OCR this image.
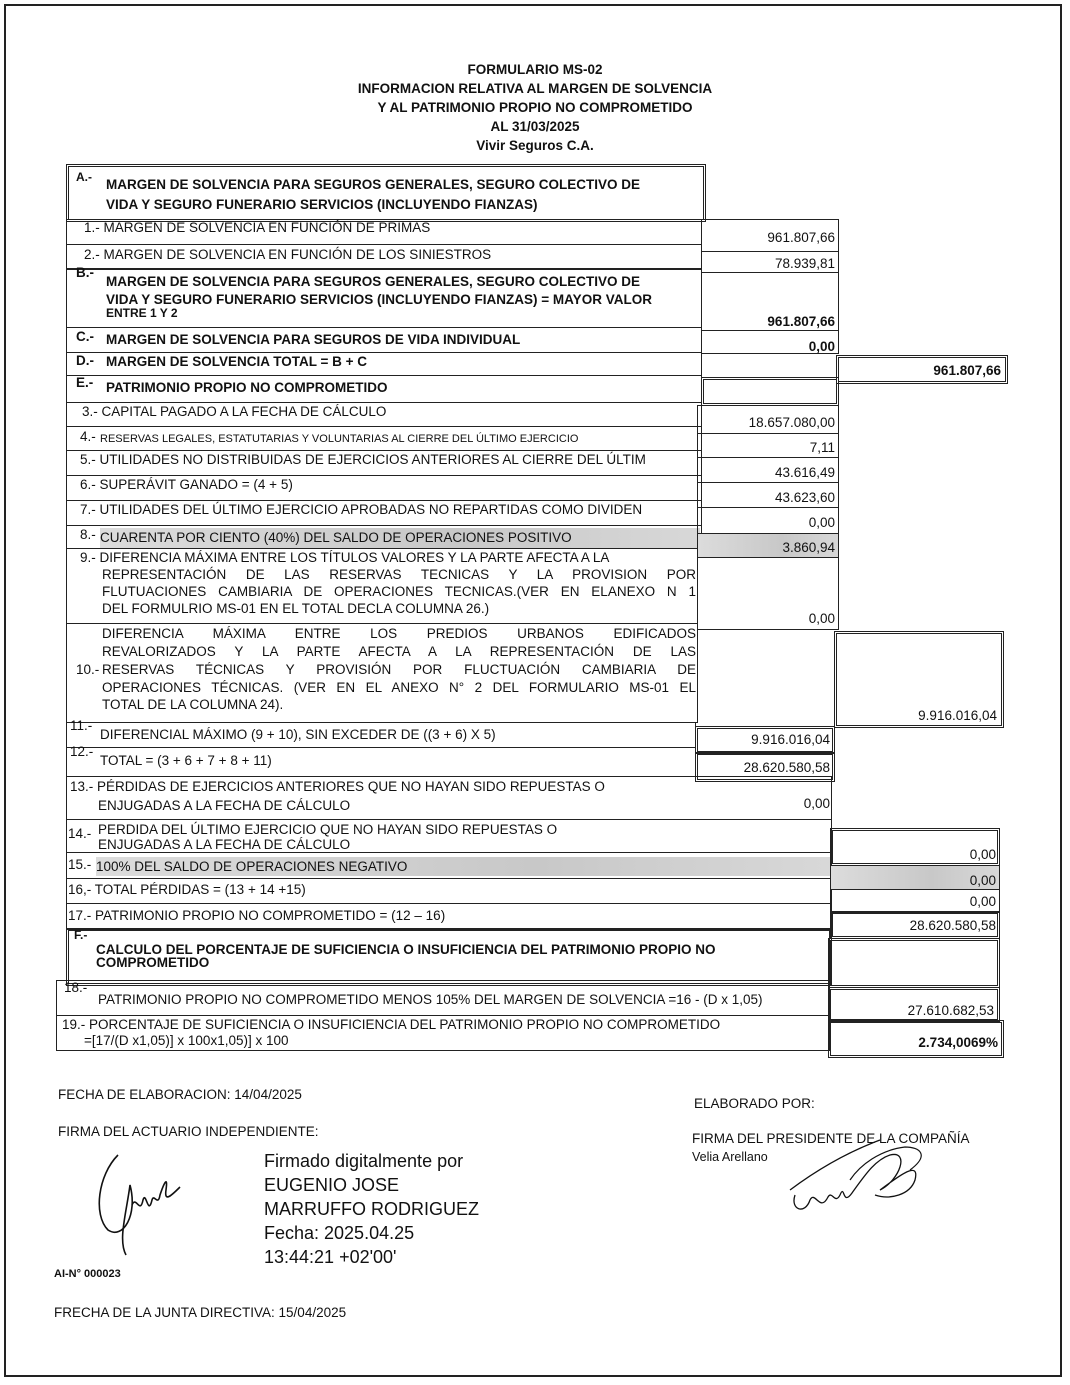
FORMULARIO MS-02
INFORMACION RELATIVA AL MARGEN DE SOLVENCIA
Y AL PATRIMONIO PROPIO NO COMPROMETIDO
AL 31/03/2025
Vivir Seguros C.A.
A.- MARGEN DE SOLVENCIA PARA SEGUROS GENERALES, SEGURO COLECTIVO DE
VIDA Y SEGURO FUNERARIO SERVICIOS (INCLUYENDO FIANZAS)
1.- MARGEN DE SOLVENCIA EN FUNCIÓN DE PRIMAS
2.- MARGEN DE SOLVENCIA EN FUNCIÓN DE LOS SINIESTROS
B.-
MARGEN DE SOLVENCIA PARA SEGUROS GENERALES, SEGURO COLECTIVO DE
VIDA Y SEGURO FUNERARIO SERVICIOS (INCLUYENDO FIANZAS) = MAYOR VALOR
ENTRE 1 Y 2
C.- MARGEN DE SOLVENCIA PARA SEGUROS DE VIDA INDIVIDUAL
D.- MARGEN DE SOLVENCIA TOTAL = B + C
E.- PATRIMONIO PROPIO NO COMPROMETIDO
3.- CAPITAL PAGADO A LA FECHA DE CÁLCULO
4.- RESERVAS LEGALES, ESTATUTARIAS Y VOLUNTARIAS AL CIERRE DEL ÚLTIMO EJERCICIO
5.- UTILIDADES NO DISTRIBUIDAS DE EJERCICIOS ANTERIORES AL CIERRE DEL ÚLTIM
6.- SUPERÁVIT GANADO = (4 + 5)
7.- UTILIDADES DEL ÚLTIMO EJERCICIO APROBADAS NO REPARTIDAS COMO DIVIDEN
8.- CUARENTA POR CIENTO (40%) DEL SALDO DE OPERACIONES POSITIVO
9.- DIFERENCIA MÁXIMA ENTRE LOS TÍTULOS VALORES Y LA PARTE AFECTA A LA
REPRESENTACIÓN DE LAS RESERVAS TECNICAS Y LA PROVISION POR
FLUTUACIONES CAMBIARIA DE OPERACIONES TECNICAS.(VER EN ELANEXO N 1
DEL FORMULRIO MS-01 EN EL TOTAL DECLA COLUMNA 26.)
10.-
DIFERENCIA MÁXIMA ENTRE LOS PREDIOS URBANOS EDIFICADOS
REVALORIZADOS Y LA PARTE AFECTA A LA REPRESENTACIÓN DE LAS
RESERVAS TÉCNICAS Y PROVISIÓN POR FLUCTUACIÓN CAMBIARIA DE
OPERACIONES TÉCNICAS. (VER EN EL ANEXO N° 2 DEL FORMULARIO MS-01 EL
TOTAL DE LA COLUMNA 24).
11.-
DIFERENCIAL MÁXIMO (9 + 10), SIN EXCEDER DE ((3 + 6) X 5)
12.-
TOTAL = (3 + 6 + 7 + 8 + 11)
13.- PÉRDIDAS DE EJERCICIOS ANTERIORES QUE NO HAYAN SIDO REPUESTAS O
ENJUGADAS A LA FECHA DE CÁLCULO
14.- PERDIDA DEL ÚLTIMO EJERCICIO QUE NO HAYAN SIDO REPUESTAS O
ENJUGADAS A LA FECHA DE CÁLCULO
15.- 100% DEL SALDO DE OPERACIONES NEGATIVO
16,- TOTAL PÉRDIDAS = (13 + 14 +15)
17.- PATRIMONIO PROPIO NO COMPROMETIDO = (12 – 16)
F.-
CALCULO DEL PORCENTAJE DE SUFICIENCIA O INSUFICIENCIA DEL PATRIMONIO PROPIO NO
COMPROMETIDO
18.-
PATRIMONIO PROPIO NO COMPROMETIDO MENOS 105% DEL MARGEN DE SOLVENCIA =16 - (D x 1,05)
19.- PORCENTAJE DE SUFICIENCIA O INSUFICIENCIA DEL PATRIMONIO PROPIO NO COMPROMETIDO
=[17/(D x1,05)] x 100x1,05)] x 100
961.807,66
78.939,81
961.807,66
0,00
961.807,66
18.657.080,00
7,11
43.616,49
43.623,60
0,00
3.860,94
0,00
9.916.016,04
9.916.016,04
28.620.580,58
0,00
0,00
0,00
0,00
28.620.580,58
27.610.682,53
2.734,0069%
FECHA DE ELABORACION: 14/04/2025
ELABORADO POR:
FIRMA DEL ACTUARIO INDEPENDIENTE:	FIRMA DEL PRESIDENTE DE LA COMPAÑÍA
Velia Arellano
Firmado digitalmente por
EUGENIO JOSE
MARRUFFO RODRIGUEZ
Fecha: 2025.04.25
13:44:21 +02'00'
AI-N° 000023
FRECHA DE LA JUNTA DIRECTIVA: 15/04/2025
